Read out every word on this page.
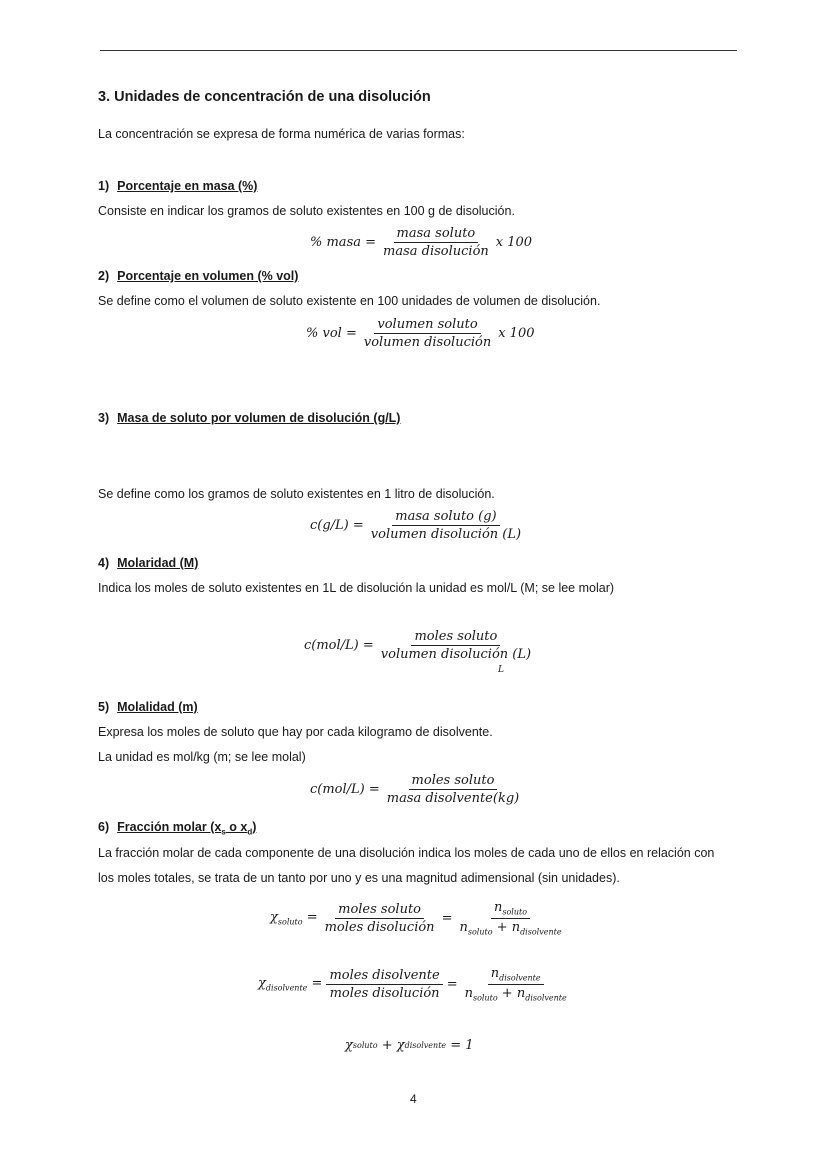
3. Unidades de concentración de una disolución
La concentración se expresa de forma numérica de varias formas:
1) Porcentaje en masa (%)
Consiste en indicar los gramos de soluto existentes en 100 g de disolución.
% masa = $\frac{\text{masa soluto}}{\text{masa disolución}}$ x 100
2) Porcentaje en volumen (% vol)
Se define como el volumen de soluto existente en 100 unidades de volumen de disolución.
% vol = $\frac{\text{volumen soluto}}{\text{volumen disolución}}$ x 100
3) Masa de soluto por volumen de disolución (g/L)
Se define como los gramos de soluto existentes en 1 litro de disolución.
$c(g/L) = \frac{\text{masa soluto (g)}}{\text{volumen disolución (L)}}$
4) Molaridad (M)
Indica los moles de soluto existentes en 1L de disolución la unidad es mol/L (M; se lee molar)
$c(mol/L) = \frac{\text{moles soluto}}{\text{volumen disolución (L)}}$
L
5) Molalidad (m)
Expresa los moles de soluto que hay por cada kilogramo de disolvente.
La unidad es mol/kg (m; se lee molal)
$c(mol/L) = \frac{\text{moles soluto}}{\text{masa disolvente(kg)}}$
6) Fracción molar ($x_s$ o $x_d$)
La fracción molar de cada componente de una disolución indica los moles de cada uno de ellos en relación con
los moles totales, se trata de un tanto por uno y es una magnitud adimensional (sin unidades).
$\chi_{soluto} = \frac{\text{moles soluto}}{\text{moles disolución}} = \frac{n_{soluto}}{n_{soluto} + n_{disolvente}}$
$\chi_{disolvente} = \frac{\text{moles disolvente}}{\text{moles disolución}} = \frac{n_{disolvente}}{n_{soluto} + n_{disolvente}}$
χ soluto + χ disolvente
= 1
4
